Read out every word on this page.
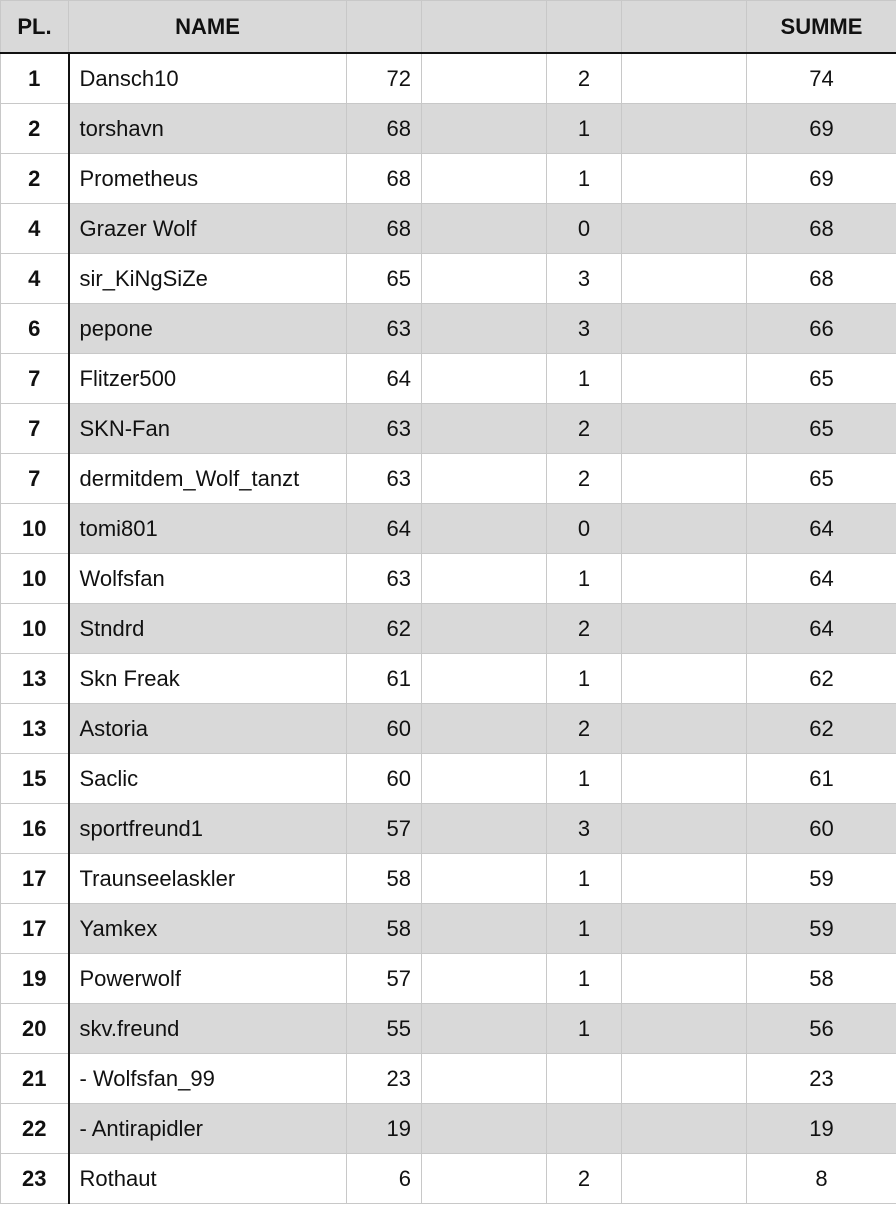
PL.	NAME					SUMME
1	Dansch10	72		2		74
2	torshavn	68		1		69
2	Prometheus	68		1		69
4	Grazer Wolf	68		0		68
4	sir_KiNgSiZe	65		3		68
6	pepone	63		3		66
7	Flitzer500	64		1		65
7	SKN-Fan	63		2		65
7	dermitdem_Wolf_tanzt	63		2		65
10	tomi801	64		0		64
10	Wolfsfan	63		1		64
10	Stndrd	62		2		64
13	Skn Freak	61		1		62
13	Astoria	60		2		62
15	Saclic	60		1		61
16	sportfreund1	57		3		60
17	Traunseelaskler	58		1		59
17	Yamkex	58		1		59
19	Powerwolf	57		1		58
20	skv.freund	55		1		56
21	- Wolfsfan_99	23				23
22	- Antirapidler	19				19
23	Rothaut	6		2		8
